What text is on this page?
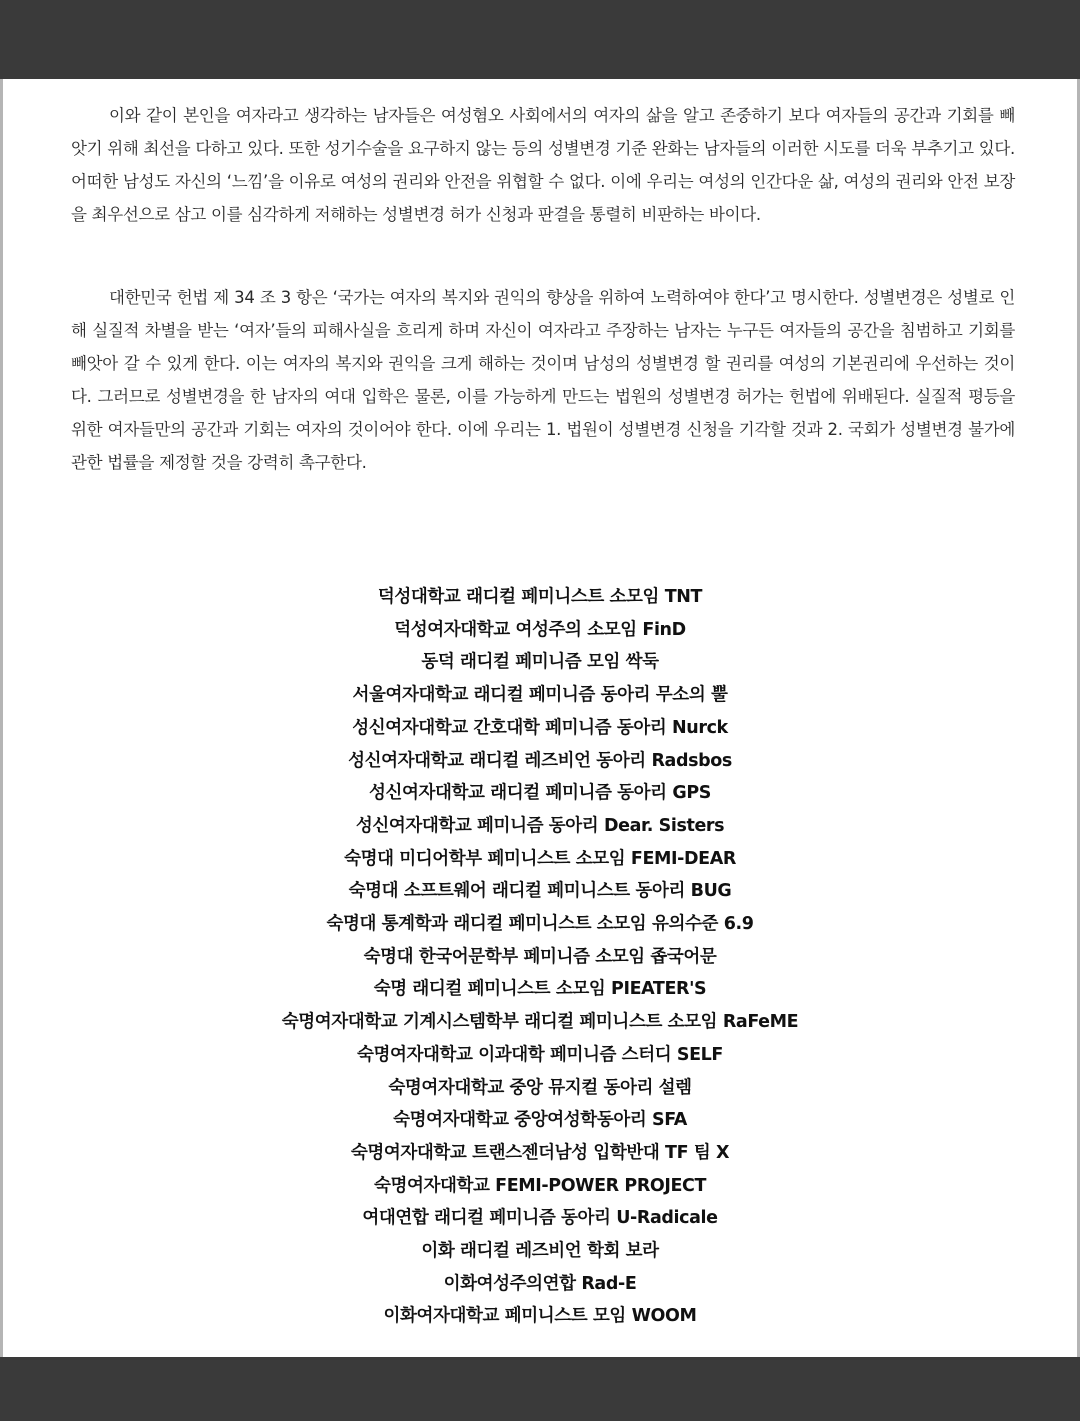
이와 같이 본인을 여자라고 생각하는 남자들은 여성혐오 사회에서의 여자의 삶을 알고 존중하기 보다 여자들의 공간과 기회를 빼앗기 위해 최선을 다하고 있다. 또한 성기수술을 요구하지 않는 등의 성별변경 기준 완화는 남자들의 이러한 시도를 더욱 부추기고 있다. 어떠한 남성도 자신의 ‘느낌’을 이유로 여성의 권리와 안전을 위협할 수 없다. 이에 우리는 여성의 인간다운 삶, 여성의 권리와 안전 보장을 최우선으로 삼고 이를 심각하게 저해하는 성별변경 허가 신청과 판결을 통렬히 비판하는 바이다.

대한민국 헌법 제 34 조 3 항은 ‘국가는 여자의 복지와 권익의 향상을 위하여 노력하여야 한다’고 명시한다. 성별변경은 성별로 인해 실질적 차별을 받는 ‘여자’들의 피해사실을 흐리게 하며 자신이 여자라고 주장하는 남자는 누구든 여자들의 공간을 침범하고 기회를 빼앗아 갈 수 있게 한다. 이는 여자의 복지와 권익을 크게 해하는 것이며 남성의 성별변경 할 권리를 여성의 기본권리에 우선하는 것이다. 그러므로 성별변경을 한 남자의 여대 입학은 물론, 이를 가능하게 만드는 법원의 성별변경 허가는 헌법에 위배된다. 실질적 평등을 위한 여자들만의 공간과 기회는 여자의 것이어야 한다. 이에 우리는 1. 법원이 성별변경 신청을 기각할 것과 2. 국회가 성별변경 불가에 관한 법률을 제정할 것을 강력히 촉구한다.

덕성대학교 래디컬 페미니스트 소모임 TNT
덕성여자대학교 여성주의 소모임 FinD
동덕 래디컬 페미니즘 모임 싹둑
서울여자대학교 래디컬 페미니즘 동아리 무소의 뿔
성신여자대학교 간호대학 페미니즘 동아리 Nurck
성신여자대학교 래디컬 레즈비언 동아리 Radsbos
성신여자대학교 래디컬 페미니즘 동아리 GPS
성신여자대학교 페미니즘 동아리 Dear. Sisters
숙명대 미디어학부 페미니스트 소모임 FEMI-DEAR
숙명대 소프트웨어 래디컬 페미니스트 동아리 BUG
숙명대 통계학과 래디컬 페미니스트 소모임 유의수준 6.9
숙명대 한국어문학부 페미니즘 소모임 좁국어문
숙명 래디컬 페미니스트 소모임 PIEATER'S
숙명여자대학교 기계시스템학부 래디컬 페미니스트 소모임 RaFeME
숙명여자대학교 이과대학 페미니즘 스터디 SELF
숙명여자대학교 중앙 뮤지컬 동아리 설렘
숙명여자대학교 중앙여성학동아리 SFA
숙명여자대학교 트랜스젠더남성 입학반대 TF 팀 X
숙명여자대학교 FEMI-POWER PROJECT
여대연합 래디컬 페미니즘 동아리 U-Radicale
이화 래디컬 레즈비언 학회 보라
이화여성주의연합 Rad-E
이화여자대학교 페미니스트 모임 WOOM
